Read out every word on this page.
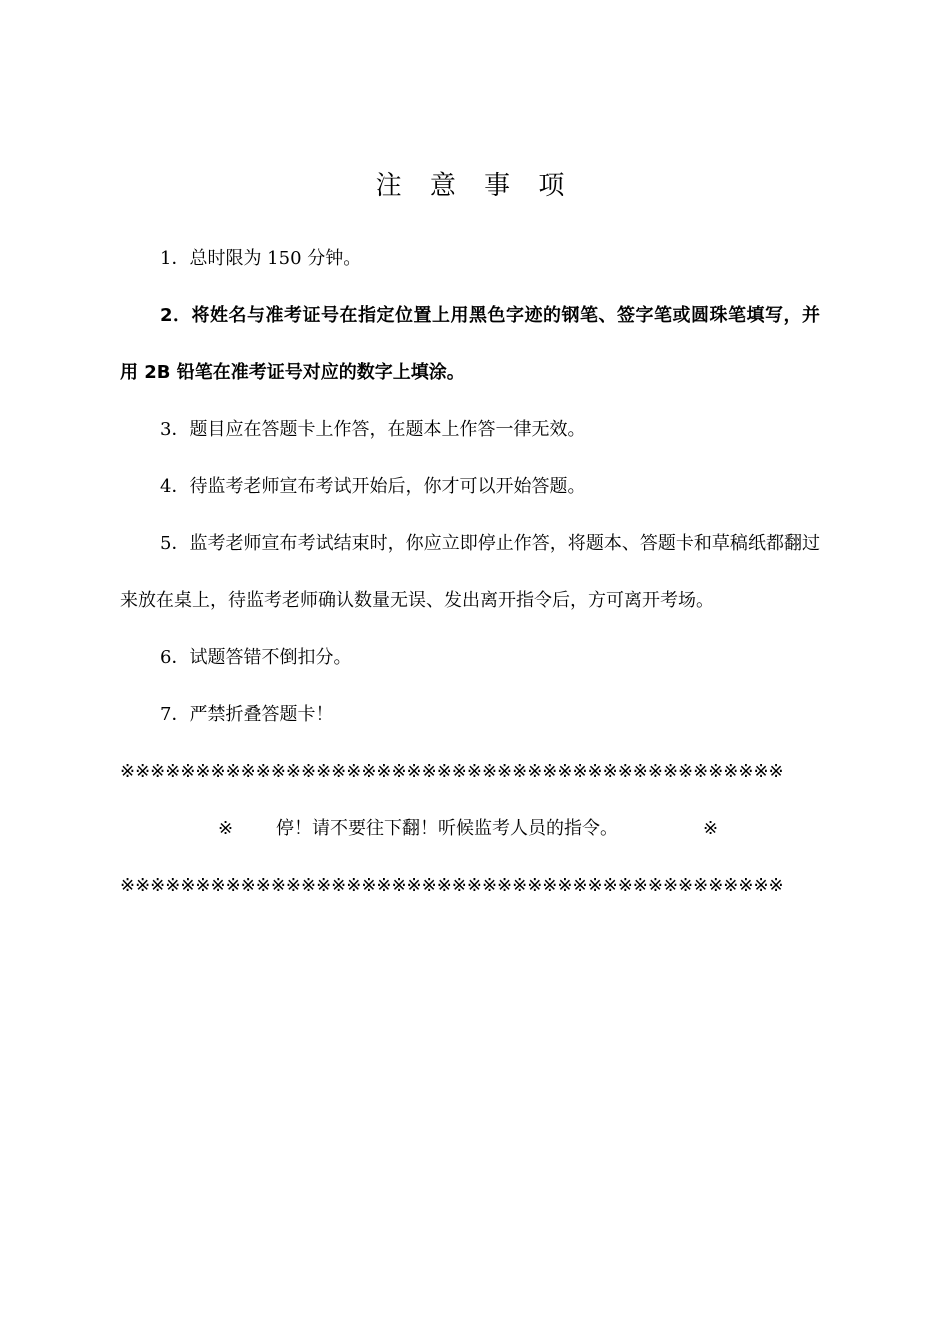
注 意 事 项

1．总时限为 150 分钟。

2．将姓名与准考证号在指定位置上用黑色字迹的钢笔、签字笔或圆珠笔填写，并用 2B 铅笔在准考证号对应的数字上填涂。

3．题目应在答题卡上作答，在题本上作答一律无效。

4．待监考老师宣布考试开始后，你才可以开始答题。

5．监考老师宣布考试结束时，你应立即停止作答，将题本、答题卡和草稿纸都翻过来放在桌上，待监考老师确认数量无误、发出离开指令后，方可离开考场。

6．试题答错不倒扣分。

7．严禁折叠答题卡！

※※※※※※※※※※※※※※※※※※※※※※※※※※※※※※※※※※※※※※※※※※※※

※

停！请不要往下翻！听候监考人员的指令。

	※

※※※※※※※※※※※※※※※※※※※※※※※※※※※※※※※※※※※※※※※※※※※※
